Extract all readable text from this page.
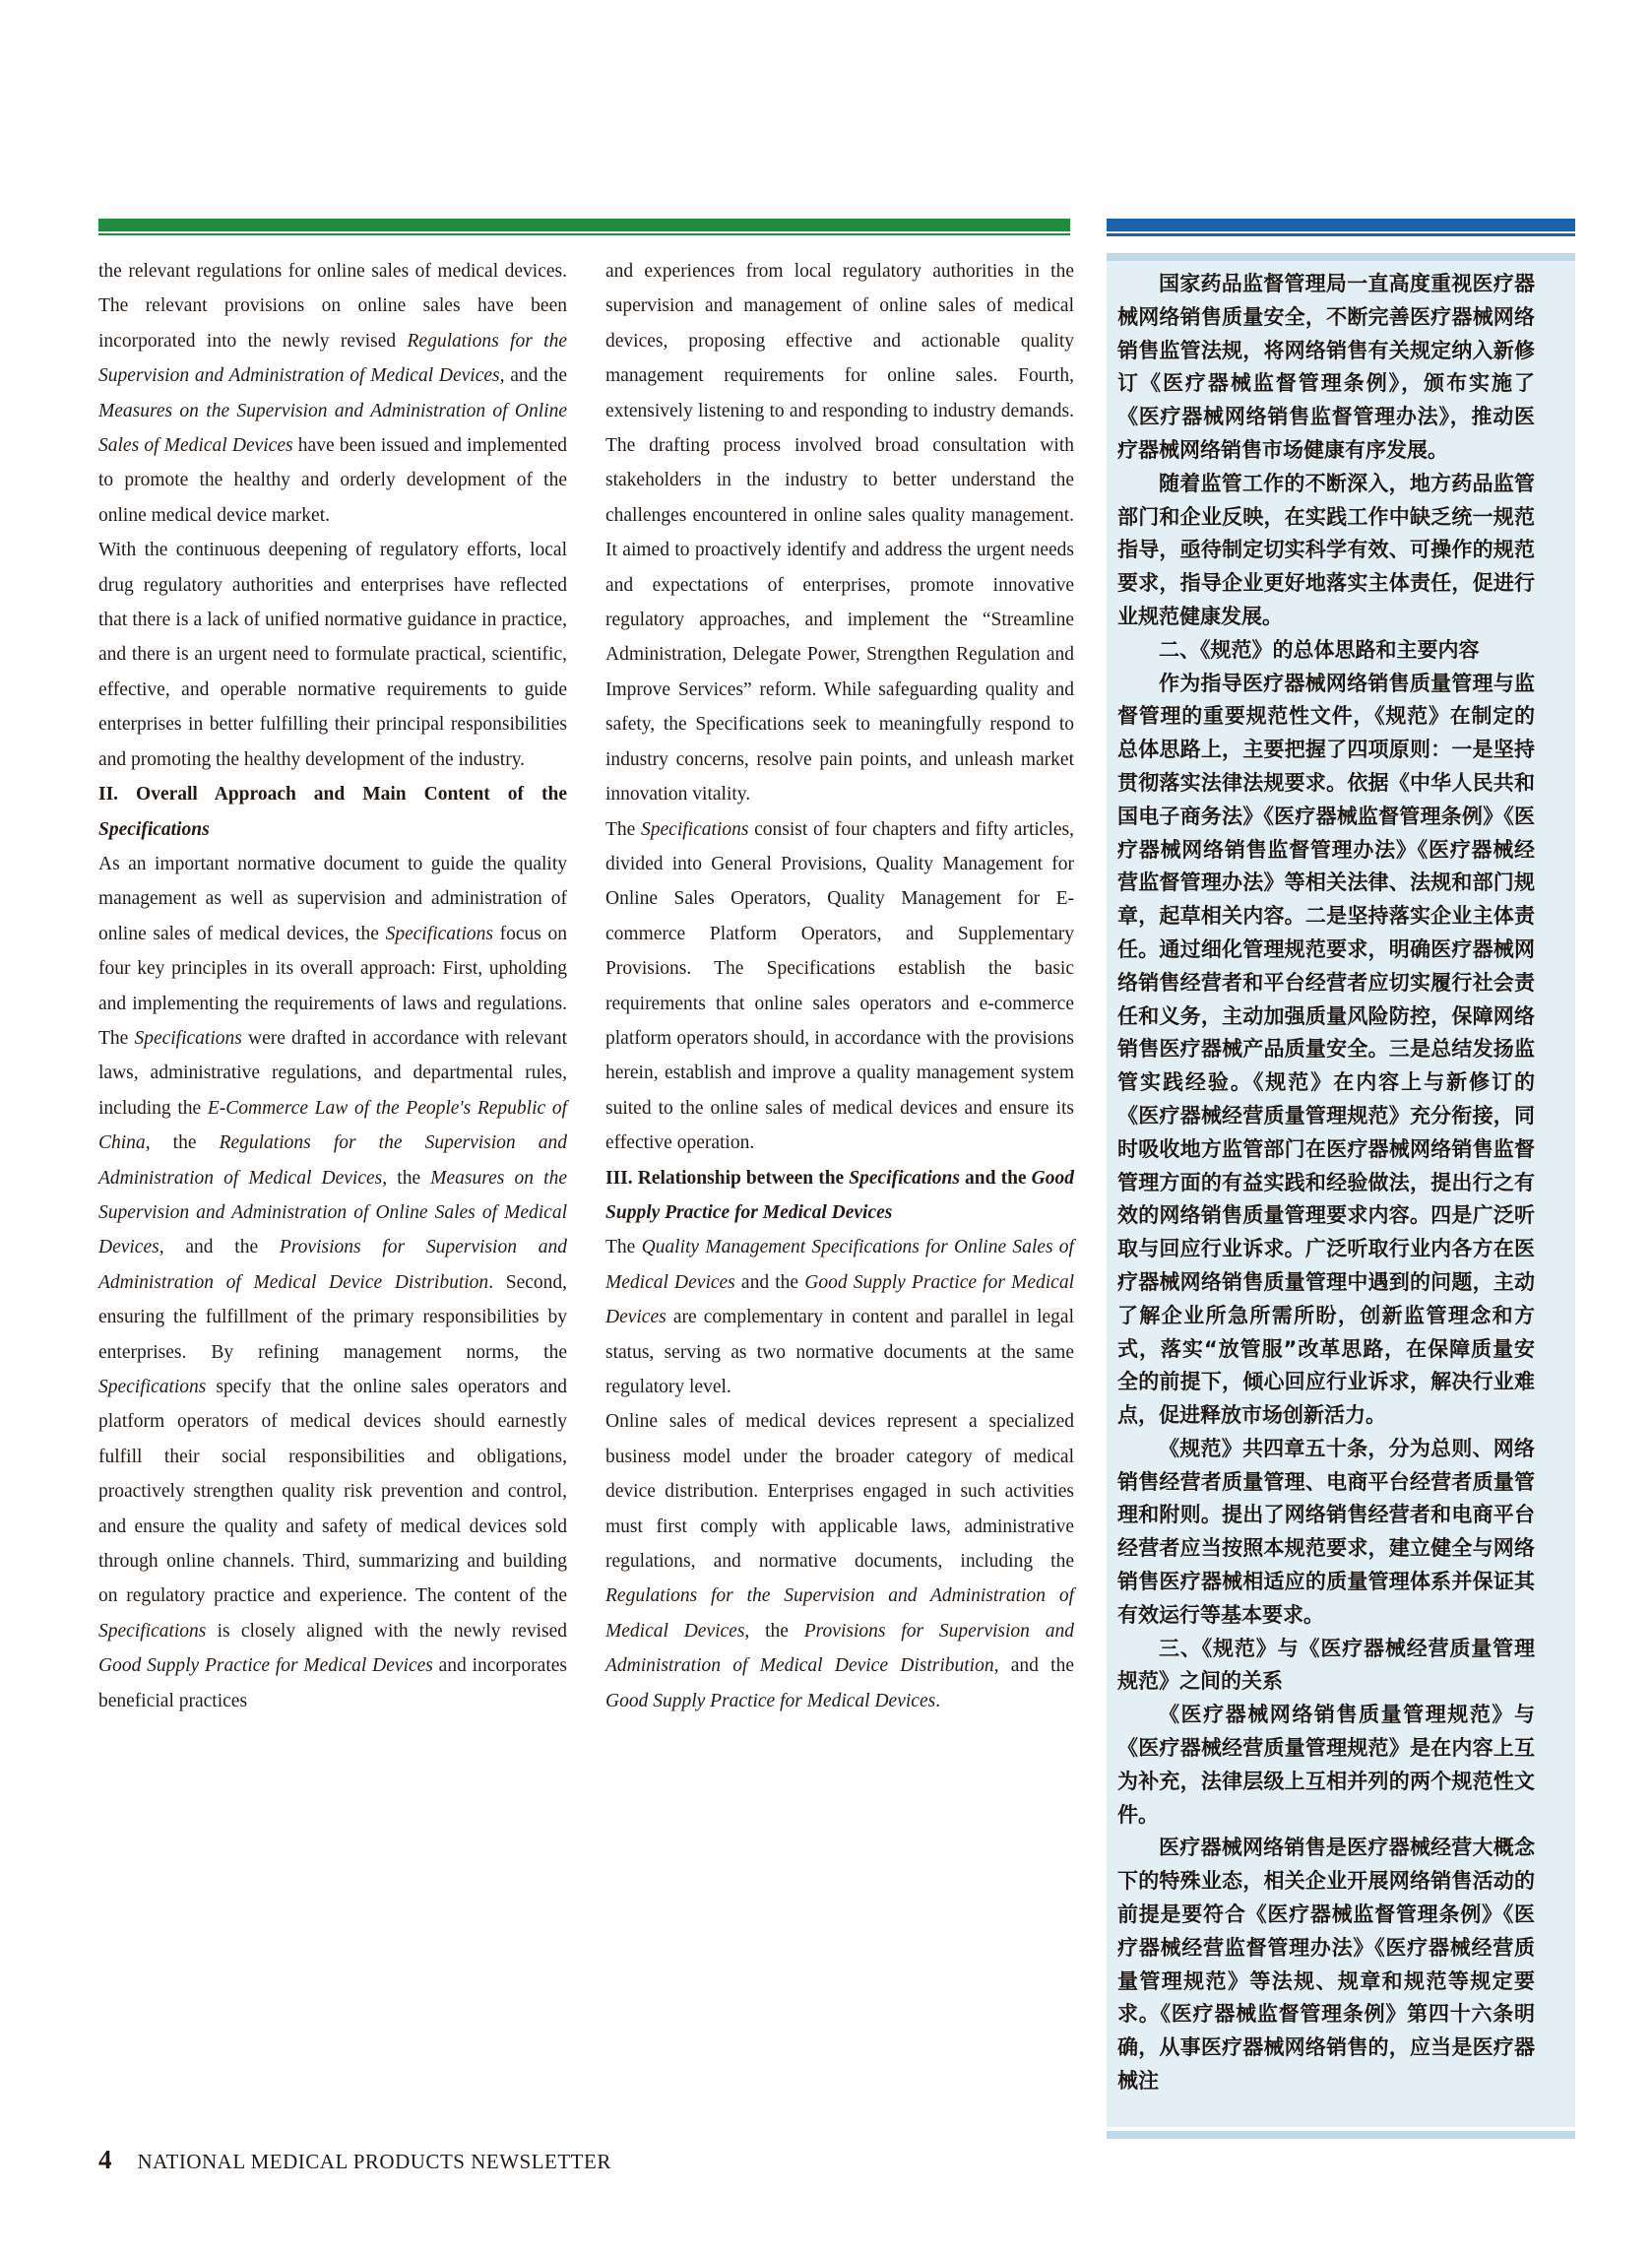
the relevant regulations for online sales of medical devices. The relevant provisions on online sales have been incorporated into the newly revised Regulations for the Supervision and Administration of Medical Devices, and the Measures on the Supervision and Administration of Online Sales of Medical Devices have been issued and implemented to promote the healthy and orderly development of the online medical device market.

With the continuous deepening of regulatory efforts, local drug regulatory authorities and enterprises have reflected that there is a lack of unified normative guidance in practice, and there is an urgent need to formulate practical, scientific, effective, and operable normative requirements to guide enterprises in better fulfilling their principal responsibilities and promoting the healthy development of the industry.

II. Overall Approach and Main Content of the Specifications

As an important normative document to guide the quality management as well as supervision and administration of online sales of medical devices, the Specifications focus on four key principles in its overall approach: First, upholding and implementing the requirements of laws and regulations. The Specifications were drafted in accordance with relevant laws, administrative regulations, and departmental rules, including the E-Commerce Law of the People's Republic of China, the Regulations for the Supervision and Administration of Medical Devices, the Measures on the Supervision and Administration of Online Sales of Medical Devices, and the Provisions for Supervision and Administration of Medical Device Distribution. Second, ensuring the fulfillment of the primary responsibilities by enterprises. By refining management norms, the Specifications specify that the online sales operators and platform operators of medical devices should earnestly fulfill their social responsibilities and obligations, proactively strengthen quality risk prevention and control, and ensure the quality and safety of medical devices sold through online channels. Third, summarizing and building on regulatory practice and experience. The content of the Specifications is closely aligned with the newly revised Good Supply Practice for Medical Devices and incorporates beneficial practices

and experiences from local regulatory authorities in the supervision and management of online sales of medical devices, proposing effective and actionable quality management requirements for online sales. Fourth, extensively listening to and responding to industry demands. The drafting process involved broad consultation with stakeholders in the industry to better understand the challenges encountered in online sales quality management. It aimed to proactively identify and address the urgent needs and expectations of enterprises, promote innovative regulatory approaches, and implement the “Streamline Administration, Delegate Power, Strengthen Regulation and Improve Services” reform. While safeguarding quality and safety, the Specifications seek to meaningfully respond to industry concerns, resolve pain points, and unleash market innovation vitality.

The Specifications consist of four chapters and fifty articles, divided into General Provisions, Quality Management for Online Sales Operators, Quality Management for E-commerce Platform Operators, and Supplementary Provisions. The Specifications establish the basic requirements that online sales operators and e-commerce platform operators should, in accordance with the provisions herein, establish and improve a quality management system suited to the online sales of medical devices and ensure its effective operation.

III. Relationship between the Specifications and the Good Supply Practice for Medical Devices

The Quality Management Specifications for Online Sales of Medical Devices and the Good Supply Practice for Medical Devices are complementary in content and parallel in legal status, serving as two normative documents at the same regulatory level.

Online sales of medical devices represent a specialized business model under the broader category of medical device distribution. Enterprises engaged in such activities must first comply with applicable laws, administrative regulations, and normative documents, including the Regulations for the Supervision and Administration of Medical Devices, the Provisions for Supervision and Administration of Medical Device Distribution, and the Good Supply Practice for Medical Devices.

国家药品监督管理局一直高度重视医疗器械网络销售质量安全，不断完善医疗器械网络销售监管法规，将网络销售有关规定纳入新修订《医疗器械监督管理条例》，颁布实施了《医疗器械网络销售监督管理办法》，推动医疗器械网络销售市场健康有序发展。

随着监管工作的不断深入，地方药品监管部门和企业反映，在实践工作中缺乏统一规范指导，亟待制定切实科学有效、可操作的规范要求，指导企业更好地落实主体责任，促进行业规范健康发展。

二、《规范》的总体思路和主要内容

作为指导医疗器械网络销售质量管理与监督管理的重要规范性文件，《规范》在制定的总体思路上，主要把握了四项原则：一是坚持贯彻落实法律法规要求。依据《中华人民共和国电子商务法》《医疗器械监督管理条例》《医疗器械网络销售监督管理办法》《医疗器械经营监督管理办法》等相关法律、法规和部门规章，起草相关内容。二是坚持落实企业主体责任。通过细化管理规范要求，明确医疗器械网络销售经营者和平台经营者应切实履行社会责任和义务，主动加强质量风险防控，保障网络销售医疗器械产品质量安全。三是总结发扬监管实践经验。《规范》在内容上与新修订的《医疗器械经营质量管理规范》充分衔接，同时吸收地方监管部门在医疗器械网络销售监督管理方面的有益实践和经验做法，提出行之有效的网络销售质量管理要求内容。四是广泛听取与回应行业诉求。广泛听取行业内各方在医疗器械网络销售质量管理中遇到的问题，主动了解企业所急所需所盼，创新监管理念和方式，落实“放管服”改革思路，在保障质量安全的前提下，倾心回应行业诉求，解决行业难点，促进释放市场创新活力。

《规范》共四章五十条，分为总则、网络销售经营者质量管理、电商平台经营者质量管理和附则。提出了网络销售经营者和电商平台经营者应当按照本规范要求，建立健全与网络销售医疗器械相适应的质量管理体系并保证其有效运行等基本要求。

三、《规范》与《医疗器械经营质量管理规范》之间的关系

《医疗器械网络销售质量管理规范》与《医疗器械经营质量管理规范》是在内容上互为补充，法律层级上互相并列的两个规范性文件。

医疗器械网络销售是医疗器械经营大概念下的特殊业态，相关企业开展网络销售活动的前提是要符合《医疗器械监督管理条例》《医疗器械经营监督管理办法》《医疗器械经营质量管理规范》等法规、规章和规范等规定要求。《医疗器械监督管理条例》第四十六条明确，从事医疗器械网络销售的，应当是医疗器械注

4 NATIONAL MEDICAL PRODUCTS NEWSLETTER
